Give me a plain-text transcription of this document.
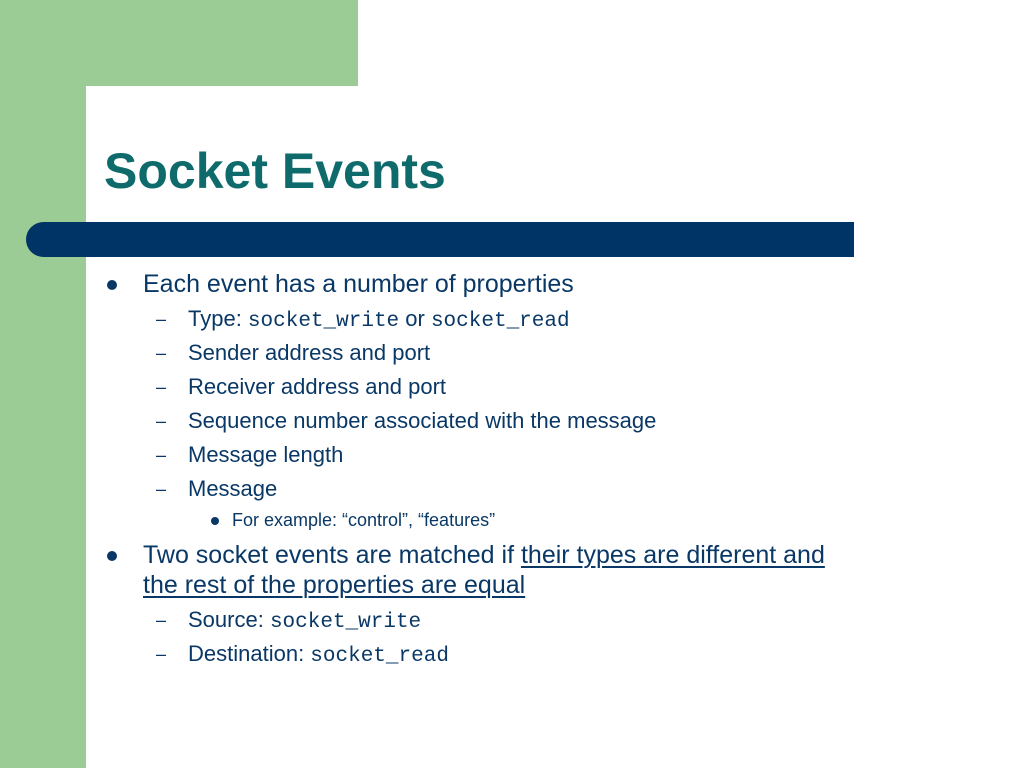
Socket Events
Each event has a number of properties
– Type: socket_write or socket_read
– Sender address and port
– Receiver address and port
– Sequence number associated with the message
– Message length
– Message
For example: “control”, “features”
Two socket events are matched if their types are different and
the rest of the properties are equal
– Source: socket_write
– Destination: socket_read
